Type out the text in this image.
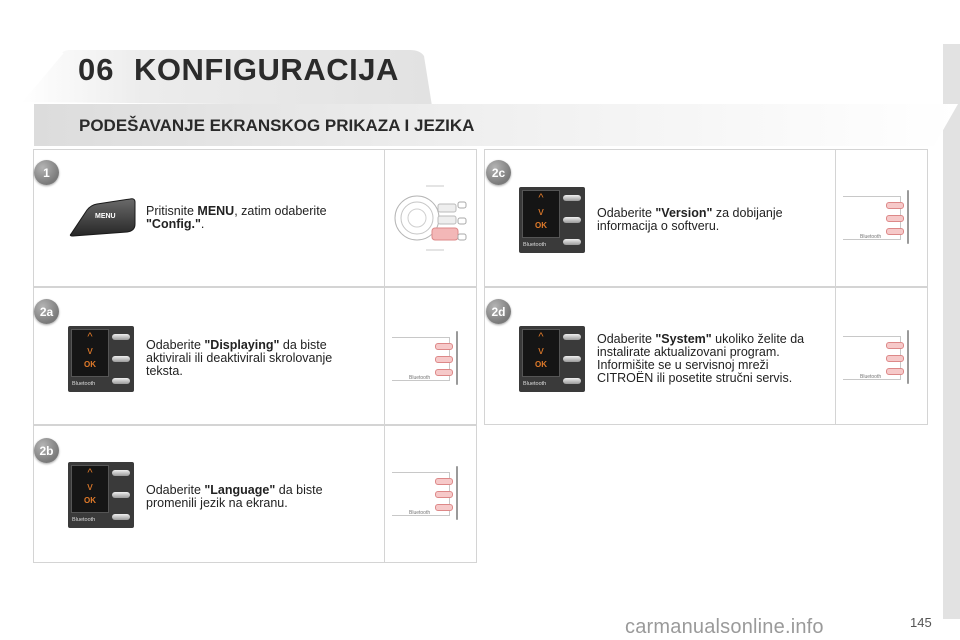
06 KONFIGURACIJA
PODEŠAVANJE EKRANSKOG PRIKAZA I JEZIKA
1
2a
2b
2c
2d
MENU Pritisnite MENU, zatim odaberite "Config.".
^
v
OK
Bluetooth
Odaberite "Displaying" da biste aktivirali ili deaktivirali skrolovanje teksta.	Bluetooth
^
v
OK
Bluetooth
Odaberite "Language" da biste promenili jezik na ekranu.
Bluetooth
^
v
OK
Bluetooth
Odaberite "Version" za dobijanje informacija o softveru.
Bluetooth
^
v
OK
Bluetooth
Odaberite "System" ukoliko želite da instalirate aktualizovani program. Informišite se u servisnoj mreži CITROËN ili posetite stručni servis.	Bluetooth
carmanualsonline.info	145
